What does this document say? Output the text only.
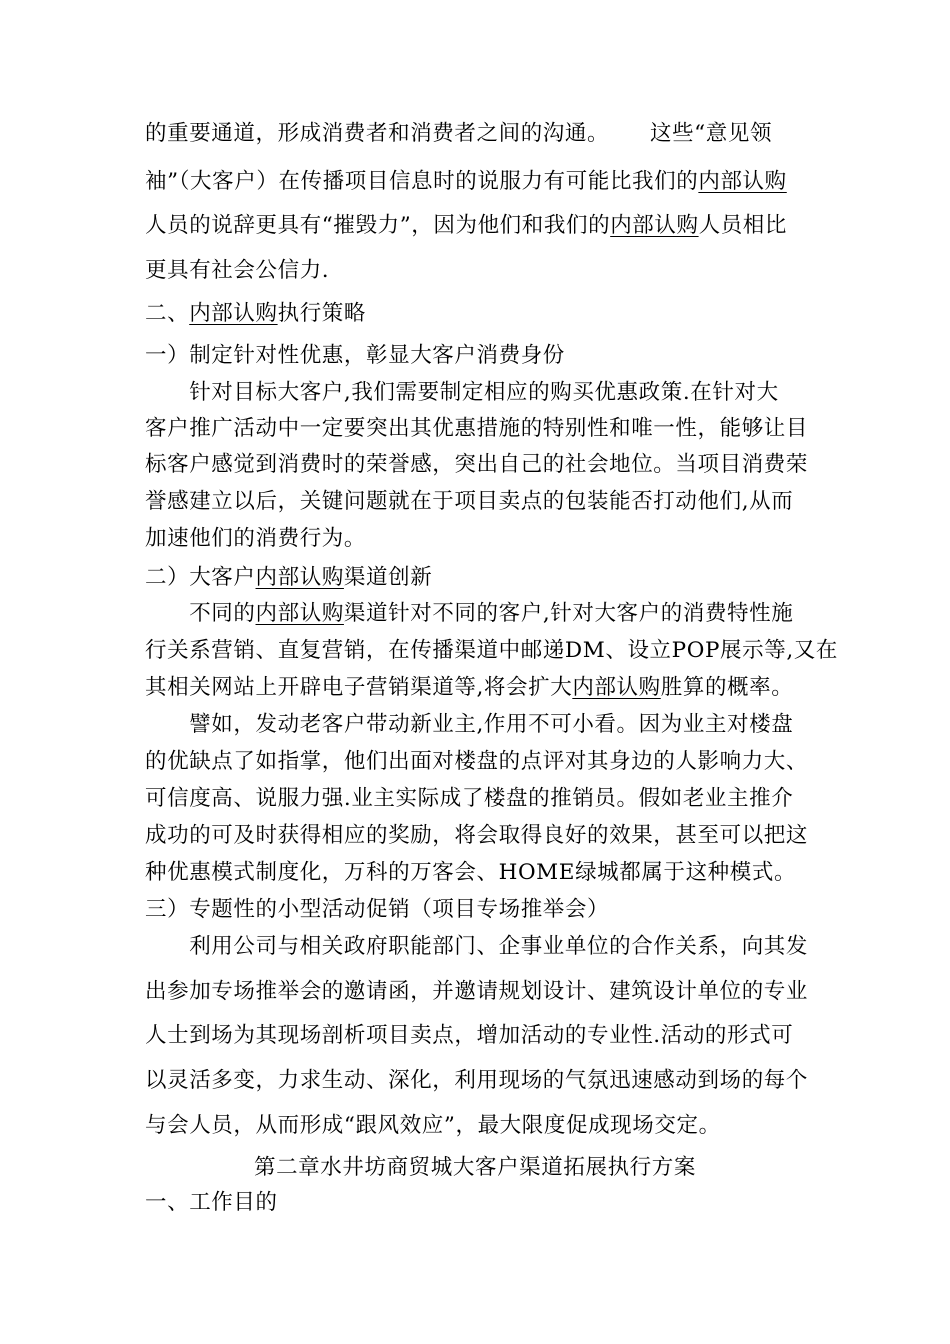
的重要通道，形成消费者和消费者之间的沟通。　　 这些“意见领
袖”（大客户）在传播项目信息时的说服力有可能比我们的内部认购
人员的说辞更具有“摧毁力”，因为他们和我们的内部认购人员相比
更具有社会公信力.
二、内部认购执行策略
一）制定针对性优惠，彰显大客户消费身份
　　针对目标大客户,我们需要制定相应的购买优惠政策.在针对大
客户推广活动中一定要突出其优惠措施的特别性和唯一性，能够让目
标客户感觉到消费时的荣誉感，突出自己的社会地位。当项目消费荣
誉感建立以后，关键问题就在于项目卖点的包装能否打动他们,从而
加速他们的消费行为。
二）大客户内部认购渠道创新
　　不同的内部认购渠道针对不同的客户,针对大客户的消费特性施
行关系营销、直复营销，在传播渠道中邮递DM、设立POP展示等,又在
其相关网站上开辟电子营销渠道等,将会扩大内部认购胜算的概率。
　　譬如，发动老客户带动新业主,作用不可小看。因为业主对楼盘
的优缺点了如指掌，他们出面对楼盘的点评对其身边的人影响力大、
可信度高、说服力强.业主实际成了楼盘的推销员。假如老业主推介
成功的可及时获得相应的奖励，将会取得良好的效果，甚至可以把这
种优惠模式制度化，万科的万客会、HOME绿城都属于这种模式。
三）专题性的小型活动促销（项目专场推举会）
　　利用公司与相关政府职能部门、企事业单位的合作关系，向其发
出参加专场推举会的邀请函，并邀请规划设计、建筑设计单位的专业
人士到场为其现场剖析项目卖点，增加活动的专业性.活动的形式可
以灵活多变，力求生动、深化，利用现场的气氛迅速感动到场的每个
与会人员，从而形成“跟风效应”，最大限度促成现场交定。
第二章水井坊商贸城大客户渠道拓展执行方案
一、工作目的
